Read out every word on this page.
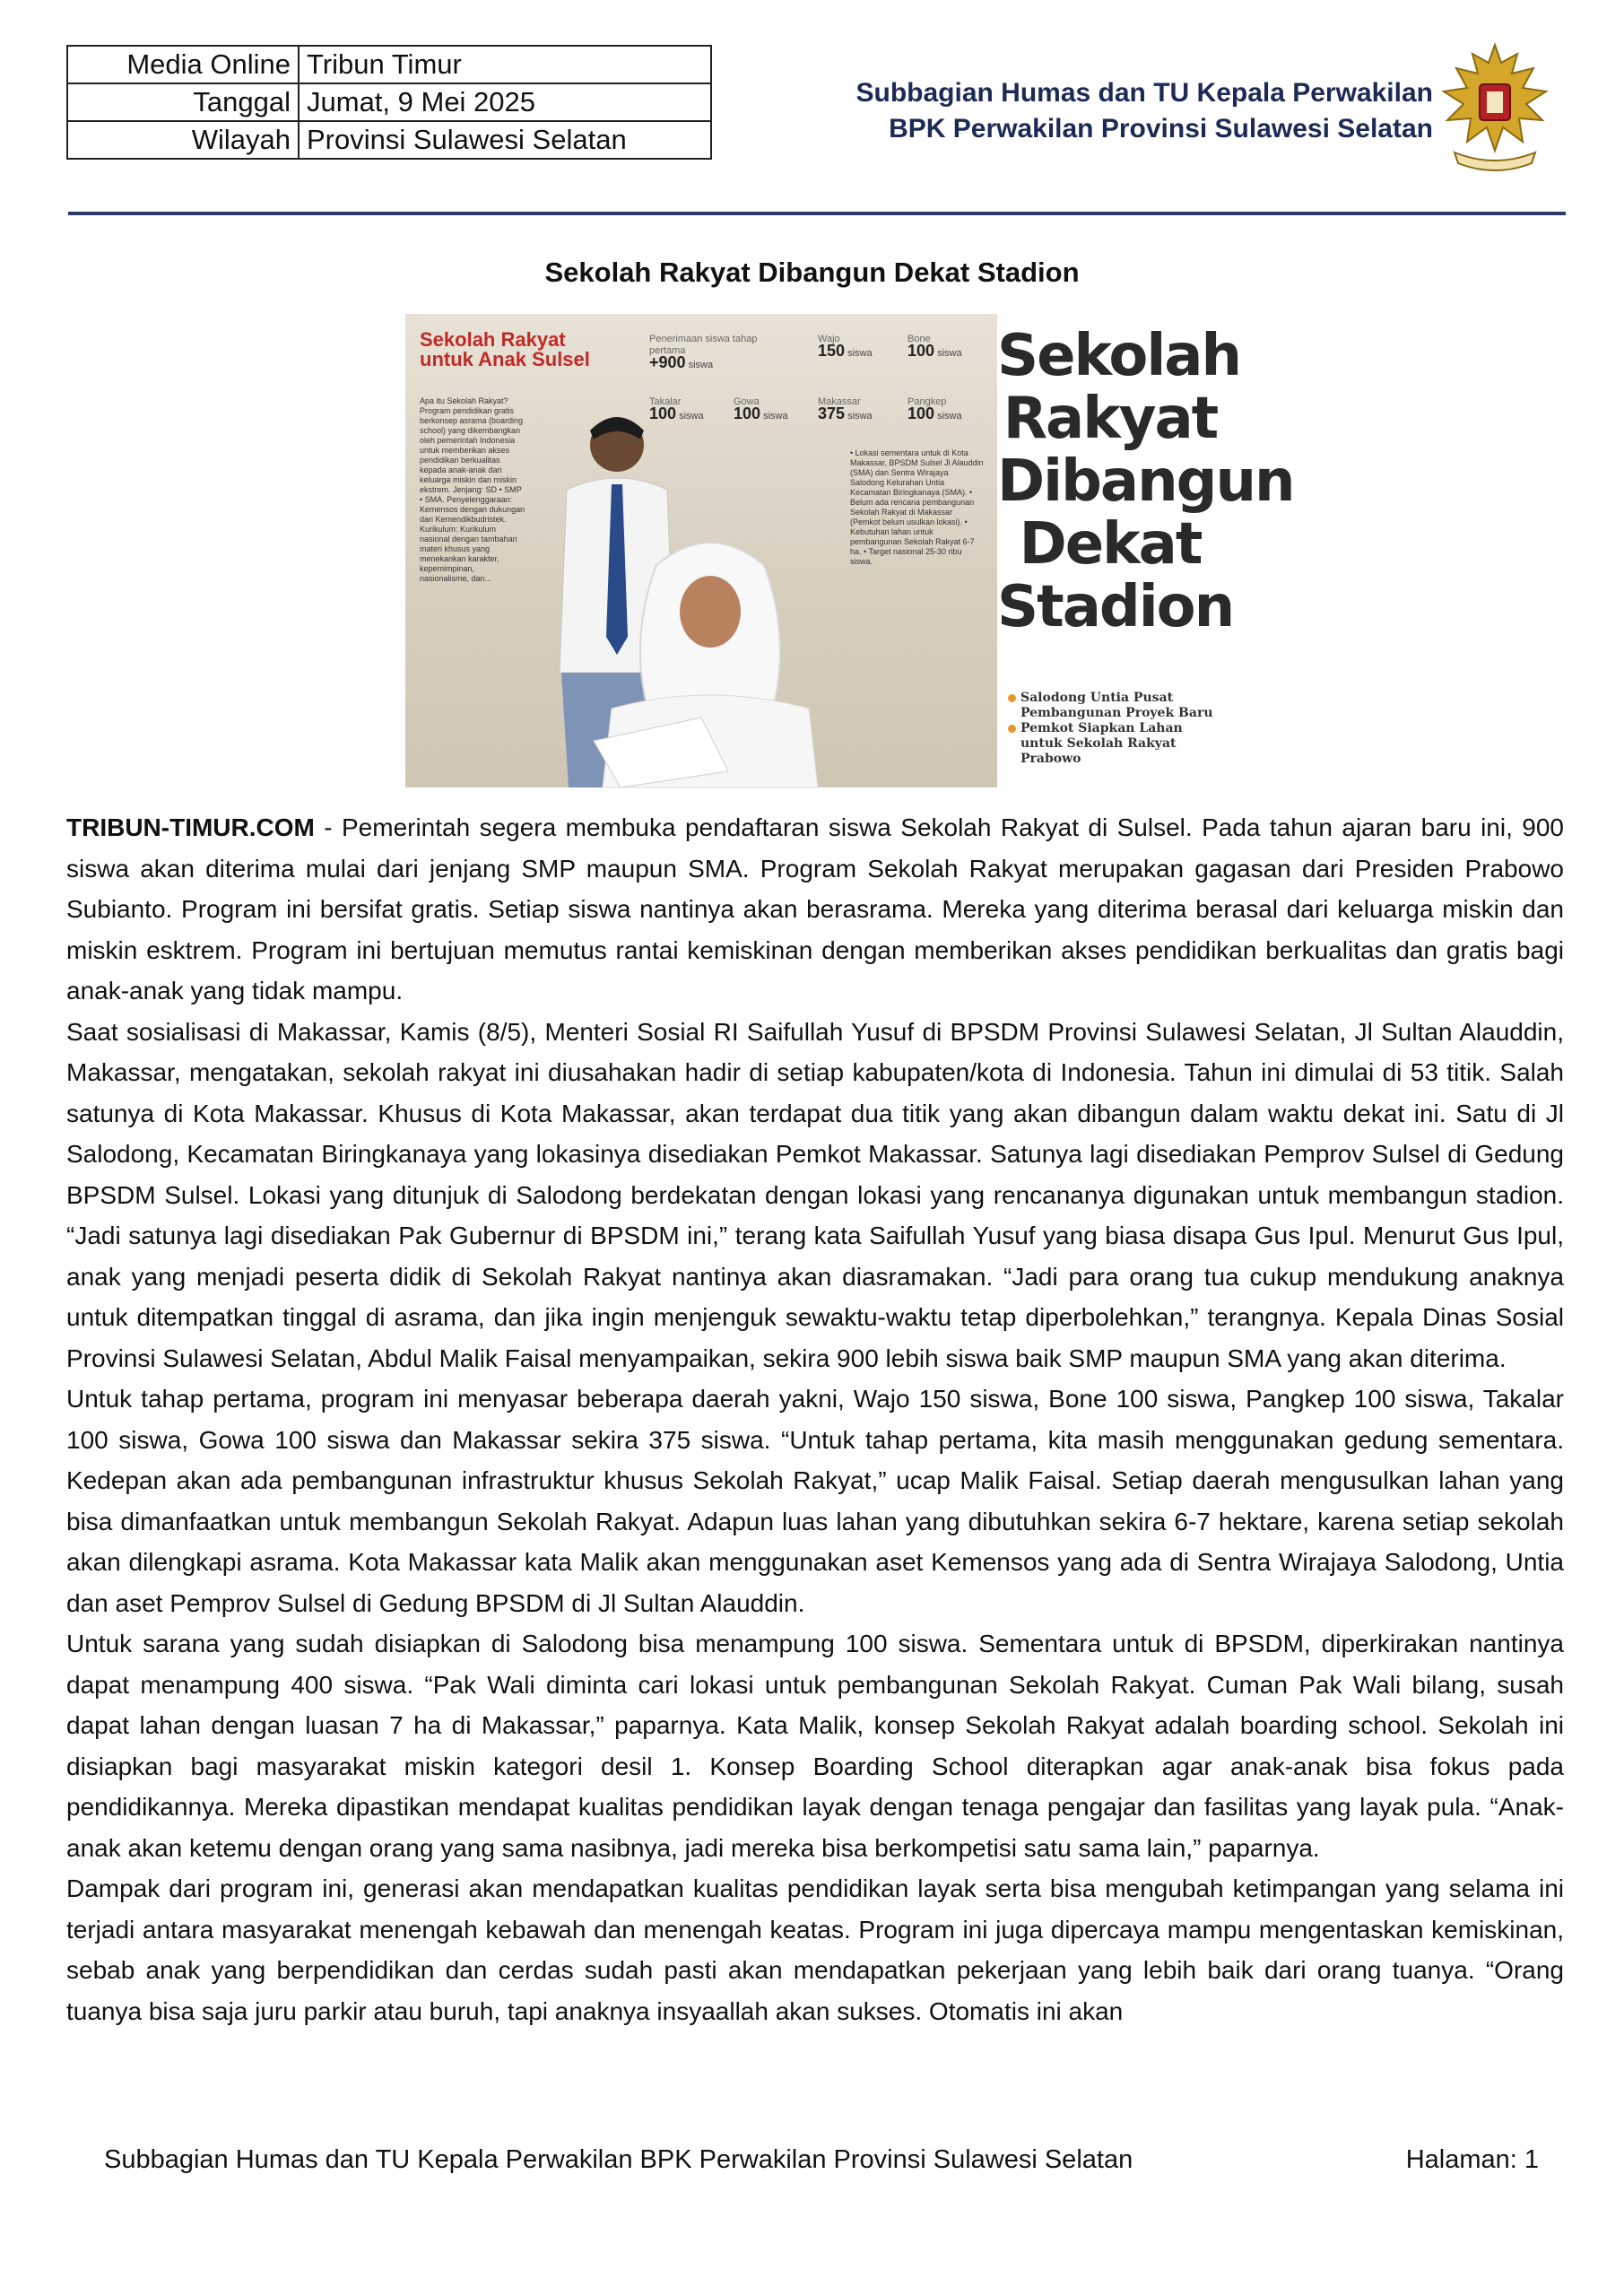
Media Online	Tribun Timur
Tanggal	Jumat, 9 Mei 2025
Wilayah	Provinsi Sulawesi Selatan
Subbagian Humas dan TU Kepala Perwakilan
BPK Perwakilan Provinsi Sulawesi Selatan
Sekolah Rakyat Dibangun Dekat Stadion
Sekolah Rakyat untuk Anak Sulsel
Apa itu Sekolah Rakyat? Program pendidikan gratis berkonsep asrama (boarding school) yang dikembangkan oleh pemerintah Indonesia untuk memberikan akses pendidikan berkualitas kepada anak-anak dari keluarga miskin dan miskin ekstrem. Jenjang: SD • SMP • SMA. Penyelenggaraan: Kemensos dengan dukungan dari Kemendikbudristek. Kurikulum: Kurikulum nasional dengan tambahan materi khusus yang menekankan karakter, kepemimpinan, nasionalisme, dan...
Penerimaan siswa tahap pertama
+900 siswa
Wajo
150 siswa
Bone
100 siswa
Takalar
100 siswa
Gowa
100 siswa
Makassar
375 siswa
Pangkep
100 siswa
• Lokasi sementara untuk di Kota Makassar, BPSDM Sulsel Jl Alauddin (SMA) dan Sentra Wirajaya Salodong Kelurahan Untia Kecamatan Biringkanaya (SMA). • Belum ada rencana pembangunan Sekolah Rakyat di Makassar (Pemkot belum usulkan lokasi). • Kebutuhan lahan untuk pembangunan Sekolah Rakyat 6-7 ha. • Target nasional 25-30 ribu siswa.
Sekolah
Rakyat
Dibangun
Dekat
Stadion
Salodong Untia Pusat Pembangunan Proyek Baru
Pemkot Siapkan Lahan untuk Sekolah Rakyat Prabowo

TRIBUN-TIMUR.COM - Pemerintah segera membuka pendaftaran siswa Sekolah Rakyat di Sulsel. Pada tahun ajaran baru ini, 900 siswa akan diterima mulai dari jenjang SMP maupun SMA. Program Sekolah Rakyat merupakan gagasan dari Presiden Prabowo Subianto. Program ini bersifat gratis. Setiap siswa nantinya akan berasrama. Mereka yang diterima berasal dari keluarga miskin dan miskin esktrem. Program ini bertujuan memutus rantai kemiskinan dengan memberikan akses pendidikan berkualitas dan gratis bagi anak-anak yang tidak mampu.

Saat sosialisasi di Makassar, Kamis (8/5), Menteri Sosial RI Saifullah Yusuf di BPSDM Provinsi Sulawesi Selatan, Jl Sultan Alauddin, Makassar, mengatakan, sekolah rakyat ini diusahakan hadir di setiap kabupaten/kota di Indonesia. Tahun ini dimulai di 53 titik. Salah satunya di Kota Makassar. Khusus di Kota Makassar, akan terdapat dua titik yang akan dibangun dalam waktu dekat ini. Satu di Jl Salodong, Kecamatan Biringkanaya yang lokasinya disediakan Pemkot Makassar. Satunya lagi disediakan Pemprov Sulsel di Gedung BPSDM Sulsel. Lokasi yang ditunjuk di Salodong berdekatan dengan lokasi yang rencananya digunakan untuk membangun stadion. “Jadi satunya lagi disediakan Pak Gubernur di BPSDM ini,” terang kata Saifullah Yusuf yang biasa disapa Gus Ipul. Menurut Gus Ipul, anak yang menjadi peserta didik di Sekolah Rakyat nantinya akan diasramakan. “Jadi para orang tua cukup mendukung anaknya untuk ditempatkan tinggal di asrama, dan jika ingin menjenguk sewaktu-waktu tetap diperbolehkan,” terangnya. Kepala Dinas Sosial Provinsi Sulawesi Selatan, Abdul Malik Faisal menyampaikan, sekira 900 lebih siswa baik SMP maupun SMA yang akan diterima.

Untuk tahap pertama, program ini menyasar beberapa daerah yakni, Wajo 150 siswa, Bone 100 siswa, Pangkep 100 siswa, Takalar 100 siswa, Gowa 100 siswa dan Makassar sekira 375 siswa. “Untuk tahap pertama, kita masih menggunakan gedung sementara. Kedepan akan ada pembangunan infrastruktur khusus Sekolah Rakyat,” ucap Malik Faisal. Setiap daerah mengusulkan lahan yang bisa dimanfaatkan untuk membangun Sekolah Rakyat. Adapun luas lahan yang dibutuhkan sekira 6-7 hektare, karena setiap sekolah akan dilengkapi asrama. Kota Makassar kata Malik akan menggunakan aset Kemensos yang ada di Sentra Wirajaya Salodong, Untia dan aset Pemprov Sulsel di Gedung BPSDM di Jl Sultan Alauddin.

Untuk sarana yang sudah disiapkan di Salodong bisa menampung 100 siswa. Sementara untuk di BPSDM, diperkirakan nantinya dapat menampung 400 siswa. “Pak Wali diminta cari lokasi untuk pembangunan Sekolah Rakyat. Cuman Pak Wali bilang, susah dapat lahan dengan luasan 7 ha di Makassar,” paparnya. Kata Malik, konsep Sekolah Rakyat adalah boarding school. Sekolah ini disiapkan bagi masyarakat miskin kategori desil 1. Konsep Boarding School diterapkan agar anak-anak bisa fokus pada pendidikannya. Mereka dipastikan mendapat kualitas pendidikan layak dengan tenaga pengajar dan fasilitas yang layak pula. “Anak-anak akan ketemu dengan orang yang sama nasibnya, jadi mereka bisa berkompetisi satu sama lain,” paparnya.

Dampak dari program ini, generasi akan mendapatkan kualitas pendidikan layak serta bisa mengubah ketimpangan yang selama ini terjadi antara masyarakat menengah kebawah dan menengah keatas. Program ini juga dipercaya mampu mengentaskan kemiskinan, sebab anak yang berpendidikan dan cerdas sudah pasti akan mendapatkan pekerjaan yang lebih baik dari orang tuanya. “Orang tuanya bisa saja juru parkir atau buruh, tapi anaknya insyaallah akan sukses. Otomatis ini akan

Subbagian Humas dan TU Kepala Perwakilan BPK Perwakilan Provinsi Sulawesi Selatan	Halaman: 1
